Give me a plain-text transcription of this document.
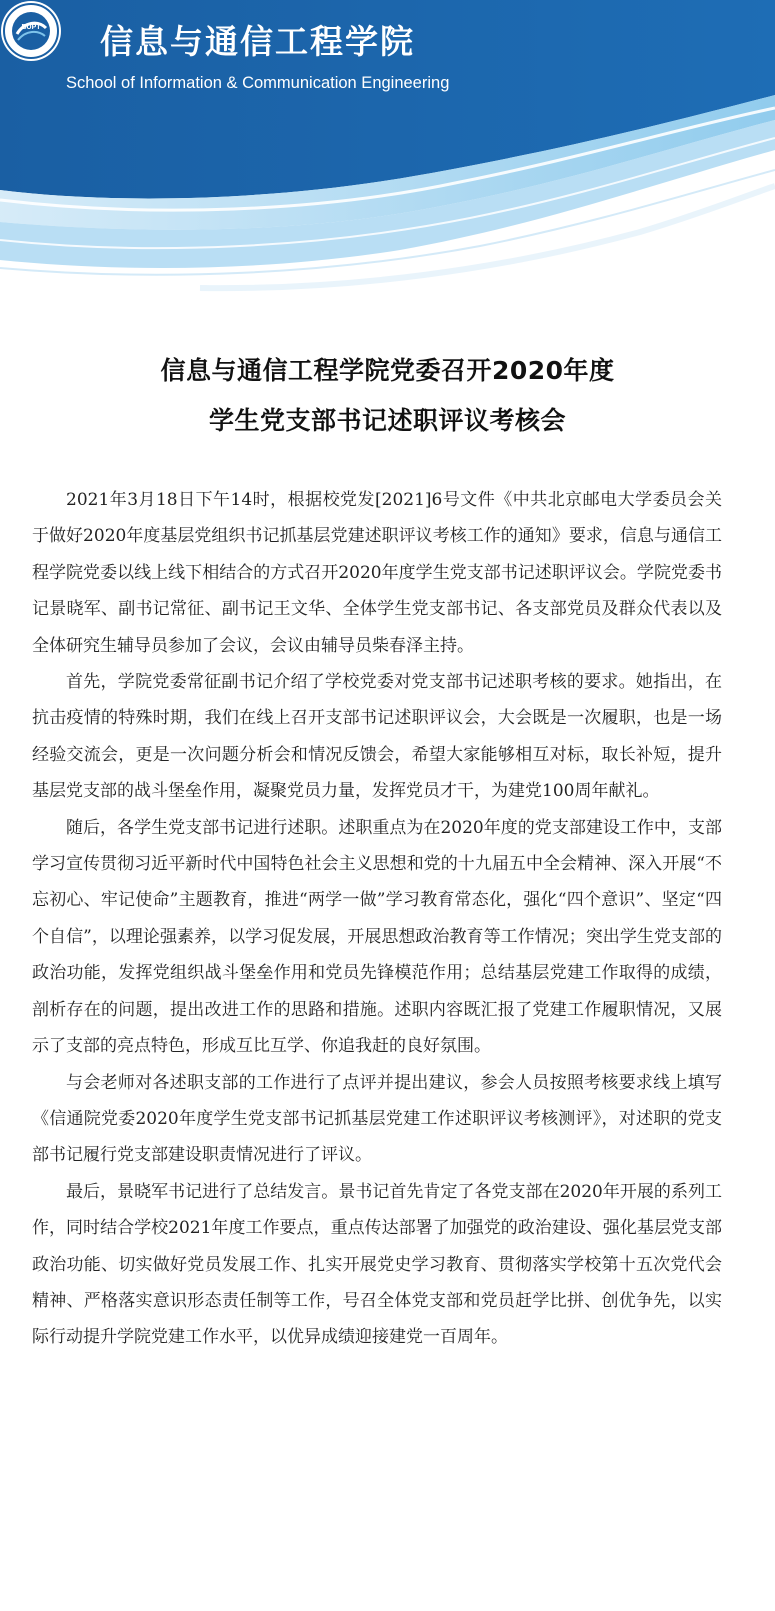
BUPT 信息与通信工程学院
School of Information & Communication Engineering
信息与通信工程学院党委召开2020年度
学生党支部书记述职评议考核会

2021年3月18日下午14时，根据校党发[2021]6号文件《中共北京邮电大学委员会关于做好2020年度基层党组织书记抓基层党建述职评议考核工作的通知》要求，信息与通信工程学院党委以线上线下相结合的方式召开2020年度学生党支部书记述职评议会。学院党委书记景晓军、副书记常征、副书记王文华、全体学生党支部书记、各支部党员及群众代表以及全体研究生辅导员参加了会议，会议由辅导员柴春泽主持。

首先，学院党委常征副书记介绍了学校党委对党支部书记述职考核的要求。她指出，在抗击疫情的特殊时期，我们在线上召开支部书记述职评议会，大会既是一次履职，也是一场经验交流会，更是一次问题分析会和情况反馈会，希望大家能够相互对标，取长补短，提升基层党支部的战斗堡垒作用，凝聚党员力量，发挥党员才干，为建党100周年献礼。

随后，各学生党支部书记进行述职。述职重点为在2020年度的党支部建设工作中，支部学习宣传贯彻习近平新时代中国特色社会主义思想和党的十九届五中全会精神、深入开展“不忘初心、牢记使命”主题教育，推进“两学一做”学习教育常态化，强化“四个意识”、坚定“四个自信”，以理论强素养，以学习促发展，开展思想政治教育等工作情况；突出学生党支部的政治功能，发挥党组织战斗堡垒作用和党员先锋模范作用；总结基层党建工作取得的成绩，剖析存在的问题，提出改进工作的思路和措施。述职内容既汇报了党建工作履职情况，又展示了支部的亮点特色，形成互比互学、你追我赶的良好氛围。

与会老师对各述职支部的工作进行了点评并提出建议，参会人员按照考核要求线上填写《信通院党委2020年度学生党支部书记抓基层党建工作述职评议考核测评》，对述职的党支部书记履行党支部建设职责情况进行了评议。

最后，景晓军书记进行了总结发言。景书记首先肯定了各党支部在2020年开展的系列工作，同时结合学校2021年度工作要点，重点传达部署了加强党的政治建设、强化基层党支部政治功能、切实做好党员发展工作、扎实开展党史学习教育、贯彻落实学校第十五次党代会精神、严格落实意识形态责任制等工作，号召全体党支部和党员赶学比拼、创优争先，以实际行动提升学院党建工作水平，以优异成绩迎接建党一百周年。
